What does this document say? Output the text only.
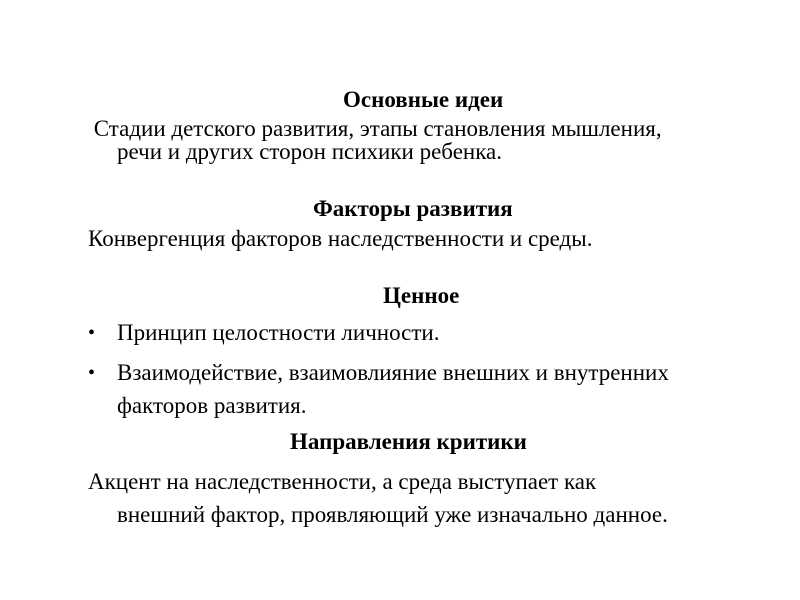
Основные идеи
Стадии детского развития, этапы становления мышления,
речи и других сторон психики ребенка.
Факторы развития
Конвергенция факторов наследственности и среды.
Ценное
• Принцип целостности личности.
• Взаимодействие, взаимовлияние внешних и внутренних
факторов развития.
Направления критики
Акцент на наследственности, а среда выступает как
внешний фактор, проявляющий уже изначально данное.
